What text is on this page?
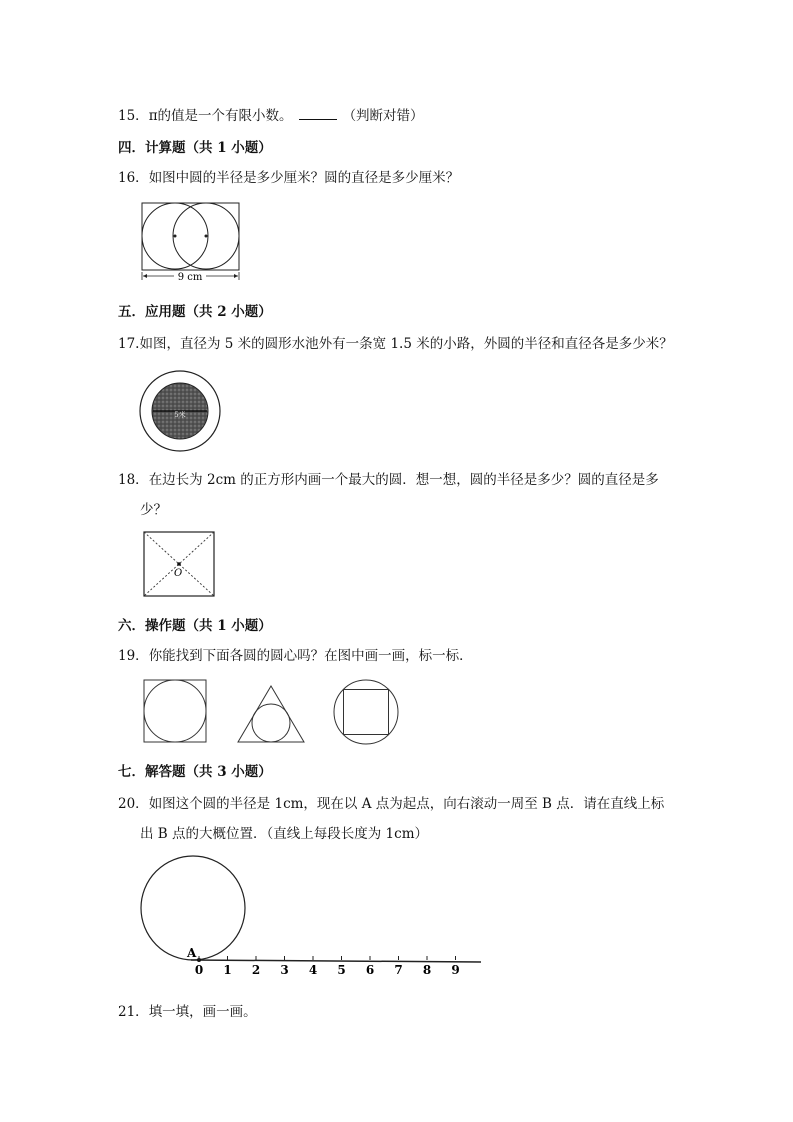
15．π的值是一个有限小数。	（判断对错）
四．计算题（共 1 小题）
16．如图中圆的半径是多少厘米？圆的直径是多少厘米？
9 cm
五．应用题（共 2 小题）
17.如图，直径为 5 米的圆形水池外有一条宽 1.5 米的小路，外圆的半径和直径各是多少米？
5米
18．在边长为 2cm 的正方形内画一个最大的圆．想一想，圆的半径是多少？圆的直径是多
少？
O
六．操作题（共 1 小题）
19．你能找到下面各圆的圆心吗？在图中画一画，标一标．
七．解答题（共 3 小题）
20．如图这个圆的半径是 1cm，现在以 A 点为起点，向右滚动一周至 B 点．请在直线上标
出 B 点的大概位置．（直线上每段长度为 1cm）
A
0 1 2 3 4 5 6 7 8 9
21．填一填，画一画。
